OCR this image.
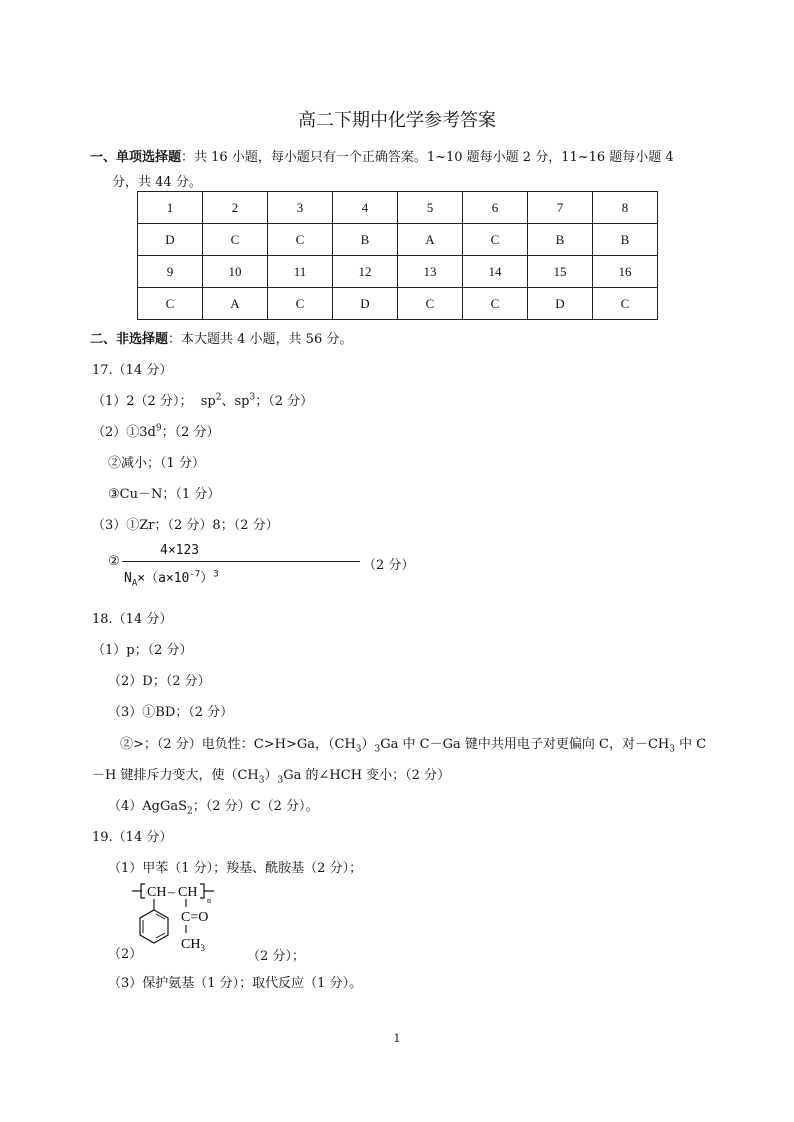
高二下期中化学参考答案
一、单项选择题：共 16 小题，每小题只有一个正确答案。1~10 题每小题 2 分，11~16 题每小题 4
分，共 44 分。
1	2	3	4	5	6	7	8
D	C	C	B	A	C	B	B
9	10	11	12	13	14	15	16
C	A	C	D	C	C	D	C
二、非选择题：本大题共 4 小题，共 56 分。
17.（14 分）
（1）2（2 分）； $sp^2$、$sp^3$；（2 分）
$(2)①3d^9$；（2 分）
②减小；（1 分）
③Cu－N；（1 分）
（3）①Zr；（2 分）8；（2 分）
②
4×123
$N_A\times(a\times 10^{-7})^3$
（2 分）
18.（14 分）
（1）p；（2 分）
（2）D；（2 分）
（3）①BD；（2 分）
②>；（2 分）电负性：C>H>Ga，$(CH_3)_3Ga$ 中 C－Ga 键中共用电子对更偏向 C，对$-CH_3$ 中 C
－H 键排斥力变大，使$(CH_3)_3Ga$ 的∠HCH 变小；（2 分）
（4）AgGaS$_2$；（2 分）C（2 分）。
19.（14 分）
（1）甲苯（1 分）；羧基、酰胺基（2 分）；
（2）
CH – CH
n
C=O
$CH_3$
（2 分）；
（3）保护氨基（1 分）；取代反应（1 分）。
1
